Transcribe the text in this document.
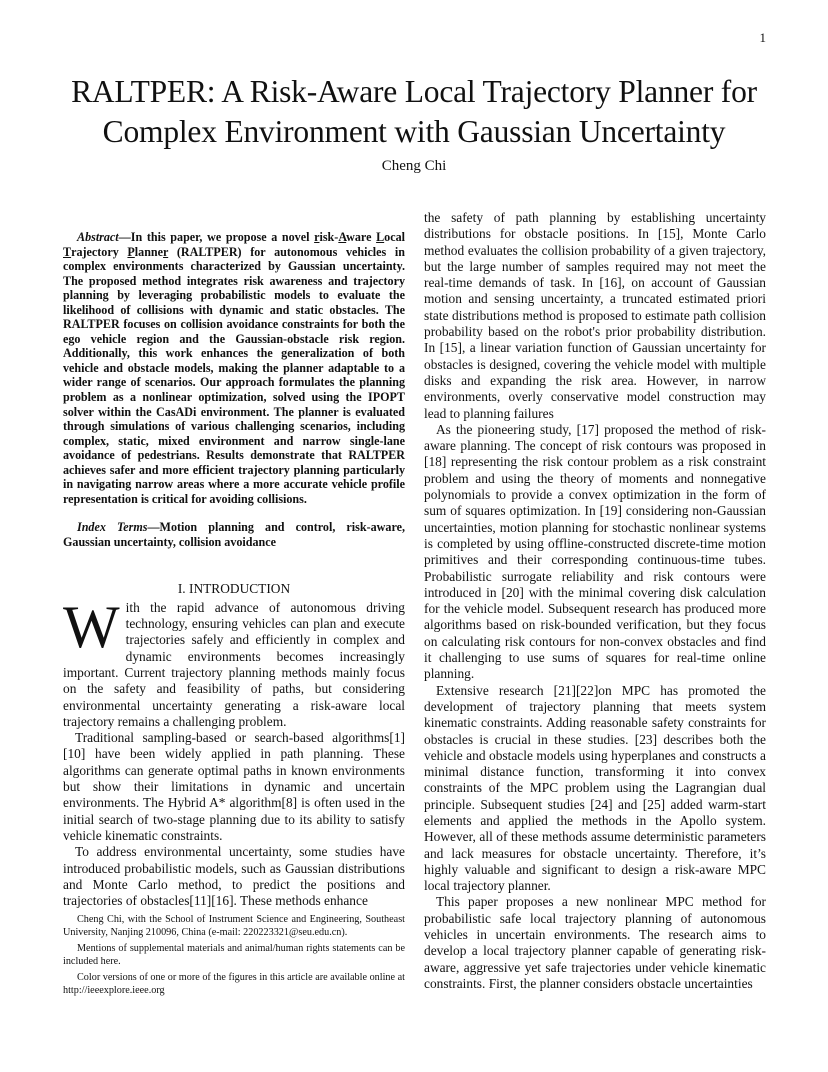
1
RALTPER: A Risk-Aware Local Trajectory Planner for Complex Environment with Gaussian Uncertainty
Cheng Chi

Abstract—In this paper, we propose a novel risk-Aware Local Trajectory Planner (RALTPER) for autonomous vehicles in complex environments characterized by Gaussian uncertainty. The proposed method integrates risk awareness and trajectory planning by leveraging probabilistic models to evaluate the likelihood of collisions with dynamic and static obstacles. The RALTPER focuses on collision avoidance constraints for both the ego vehicle region and the Gaussian-obstacle risk region. Additionally, this work enhances the generalization of both vehicle and obstacle models, making the planner adaptable to a wider range of scenarios. Our approach formulates the planning problem as a nonlinear optimization, solved using the IPOPT solver within the CasADi environment. The planner is evaluated through simulations of various challenging scenarios, including complex, static, mixed environment and narrow single-lane avoidance of pedestrians. Results demonstrate that RALTPER achieves safer and more efficient trajectory planning particularly in navigating narrow areas where a more accurate vehicle profile representation is critical for avoiding collisions.

Index Terms—Motion planning and control, risk-aware, Gaussian uncertainty, collision avoidance

I. INTRODUCTION

With the rapid advance of autonomous driving technology, ensuring vehicles can plan and execute trajectories safely and efficiently in complex and dynamic environments becomes increasingly important. Current trajectory planning methods mainly focus on the safety and feasibility of paths, but considering environmental uncertainty generating a risk-aware local trajectory remains a challenging problem.

Traditional sampling-based or search-based algorithms[1][10] have been widely applied in path planning. These algorithms can generate optimal paths in known environments but show their limitations in dynamic and uncertain environments. The Hybrid A* algorithm[8] is often used in the initial search of two-stage planning due to its ability to satisfy vehicle kinematic constraints.

To address environmental uncertainty, some studies have introduced probabilistic models, such as Gaussian distributions and Monte Carlo method, to predict the positions and trajectories of obstacles[11][16]. These methods enhance

the safety of path planning by establishing uncertainty distributions for obstacle positions. In [15], Monte Carlo method evaluates the collision probability of a given trajectory, but the large number of samples required may not meet the real-time demands of task. In [16], on account of Gaussian motion and sensing uncertainty, a truncated estimated priori state distributions method is proposed to estimate path collision probability based on the robot's prior probability distribution. In [15], a linear variation function of Gaussian uncertainty for obstacles is designed, covering the vehicle model with multiple disks and expanding the risk area. However, in narrow environments, overly conservative model construction may lead to planning failures

As the pioneering study, [17] proposed the method of risk-aware planning. The concept of risk contours was proposed in [18] representing the risk contour problem as a risk constraint problem and using the theory of moments and nonnegative polynomials to provide a convex optimization in the form of sum of squares optimization. In [19] considering non-Gaussian uncertainties, motion planning for stochastic nonlinear systems is completed by using offline-constructed discrete-time motion primitives and their corresponding continuous-time tubes. Probabilistic surrogate reliability and risk contours were introduced in [20] with the minimal covering disk calculation for the vehicle model. Subsequent research has produced more algorithms based on risk-bounded verification, but they focus on calculating risk contours for non-convex obstacles and find it challenging to use sums of squares for real-time online planning.

Extensive research [21][22]on MPC has promoted the development of trajectory planning that meets system kinematic constraints. Adding reasonable safety constraints for obstacles is crucial in these studies. [23] describes both the vehicle and obstacle models using hyperplanes and constructs a minimal distance function, transforming it into convex constraints of the MPC problem using the Lagrangian dual principle. Subsequent studies [24] and [25] added warm-start elements and applied the methods in the Apollo system. However, all of these methods assume deterministic parameters and lack measures for obstacle uncertainty. Therefore, it’s highly valuable and significant to design a risk-aware MPC local trajectory planner.

This paper proposes a new nonlinear MPC method for probabilistic safe local trajectory planning of autonomous vehicles in uncertain environments. The research aims to develop a local trajectory planner capable of generating risk-aware, aggressive yet safe trajectories under vehicle kinematic constraints. First, the planner considers obstacle uncertainties

Cheng Chi, with the School of Instrument Science and Engineering, Southeast University, Nanjing 210096, China (e-mail: 220223321@seu.edu.cn).

Mentions of supplemental materials and animal/human rights statements can be included here.

Color versions of one or more of the figures in this article are available online at http://ieeexplore.ieee.org
